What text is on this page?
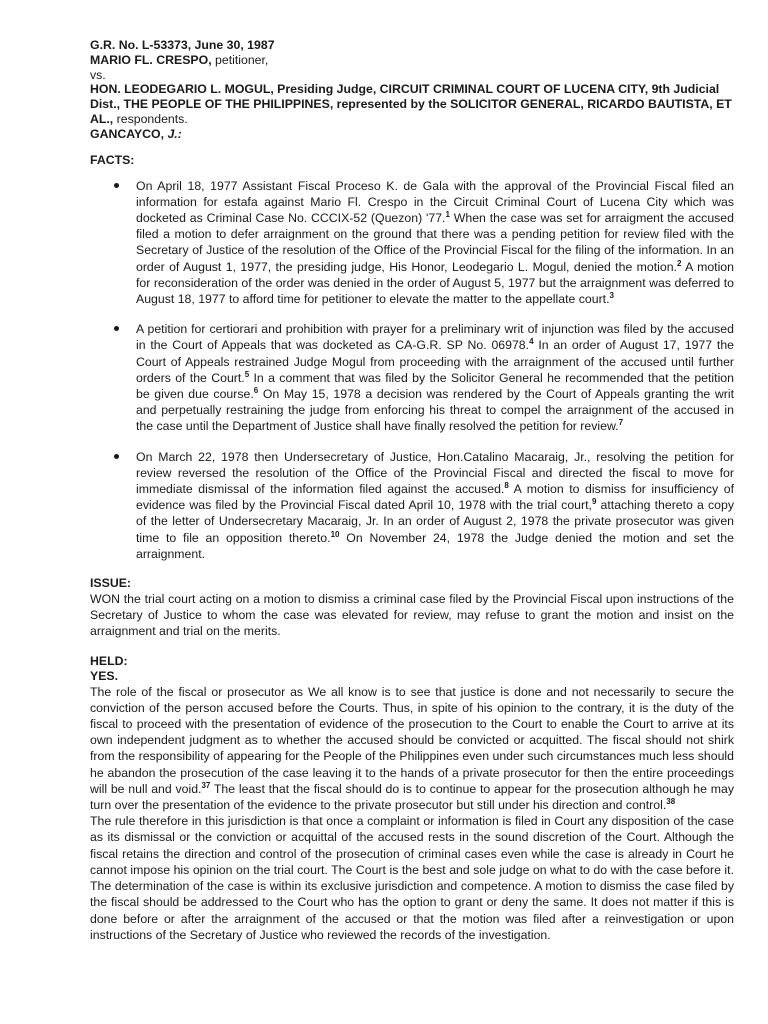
G.R. No. L-53373, June 30, 1987
MARIO FL. CRESPO, petitioner,
vs.
HON. LEODEGARIO L. MOGUL, Presiding Judge, CIRCUIT CRIMINAL COURT OF LUCENA CITY, 9th Judicial Dist., THE PEOPLE OF THE PHILIPPINES, represented by the SOLICITOR GENERAL, RICARDO BAUTISTA, ET AL., respondents.
GANCAYCO, J.:
FACTS:

On April 18, 1977 Assistant Fiscal Proceso K. de Gala with the approval of the Provincial Fiscal filed an information for estafa against Mario Fl. Crespo in the Circuit Criminal Court of Lucena City which was docketed as Criminal Case No. CCCIX-52 (Quezon) '77.$^1$ When the case was set for arraigment the accused filed a motion to defer arraignment on the ground that there was a pending petition for review filed with the Secretary of Justice of the resolution of the Office of the Provincial Fiscal for the filing of the information. In an order of August 1, 1977, the presiding judge, His Honor, Leodegario L. Mogul, denied the motion.$^2$ A motion for reconsideration of the order was denied in the order of August 5, 1977 but the arraignment was deferred to August 18, 1977 to afford time for petitioner to elevate the matter to the appellate court.$^3$

A petition for certiorari and prohibition with prayer for a preliminary writ of injunction was filed by the accused in the Court of Appeals that was docketed as CA-G.R. SP No. 06978.$^4$ In an order of August 17, 1977 the Court of Appeals restrained Judge Mogul from proceeding with the arraignment of the accused until further orders of the Court.$^5$ In a comment that was filed by the Solicitor General he recommended that the petition be given due course.$^6$ On May 15, 1978 a decision was rendered by the Court of Appeals granting the writ and perpetually restraining the judge from enforcing his threat to compel the arraignment of the accused in the case until the Department of Justice shall have finally resolved the petition for review.$^7$

On March 22, 1978 then Undersecretary of Justice, Hon.Catalino Macaraig, Jr., resolving the petition for review reversed the resolution of the Office of the Provincial Fiscal and directed the fiscal to move for immediate dismissal of the information filed against the accused.$^8$ A motion to dismiss for insufficiency of evidence was filed by the Provincial Fiscal dated April 10, 1978 with the trial court,$^9$ attaching thereto a copy of the letter of Undersecretary Macaraig, Jr. In an order of August 2, 1978 the private prosecutor was given time to file an opposition thereto.$^{10}$ On November 24, 1978 the Judge denied the motion and set the arraignment.

ISSUE:

WON the trial court acting on a motion to dismiss a criminal case filed by the Provincial Fiscal upon instructions of the Secretary of Justice to whom the case was elevated for review, may refuse to grant the motion and insist on the arraignment and trial on the merits.

HELD:
YES.

The role of the fiscal or prosecutor as We all know is to see that justice is done and not necessarily to secure the conviction of the person accused before the Courts. Thus, in spite of his opinion to the contrary, it is the duty of the fiscal to proceed with the presentation of evidence of the prosecution to the Court to enable the Court to arrive at its own independent judgment as to whether the accused should be convicted or acquitted. The fiscal should not shirk from the responsibility of appearing for the People of the Philippines even under such circumstances much less should he abandon the prosecution of the case leaving it to the hands of a private prosecutor for then the entire proceedings will be null and void.$^{37}$ The least that the fiscal should do is to continue to appear for the prosecution although he may turn over the presentation of the evidence to the private prosecutor but still under his direction and control.$^{38}$

The rule therefore in this jurisdiction is that once a complaint or information is filed in Court any disposition of the case as its dismissal or the conviction or acquittal of the accused rests in the sound discretion of the Court. Although the fiscal retains the direction and control of the prosecution of criminal cases even while the case is already in Court he cannot impose his opinion on the trial court. The Court is the best and sole judge on what to do with the case before it. The determination of the case is within its exclusive jurisdiction and competence. A motion to dismiss the case filed by the fiscal should be addressed to the Court who has the option to grant or deny the same. It does not matter if this is done before or after the arraignment of the accused or that the motion was filed after a reinvestigation or upon instructions of the Secretary of Justice who reviewed the records of the investigation.
